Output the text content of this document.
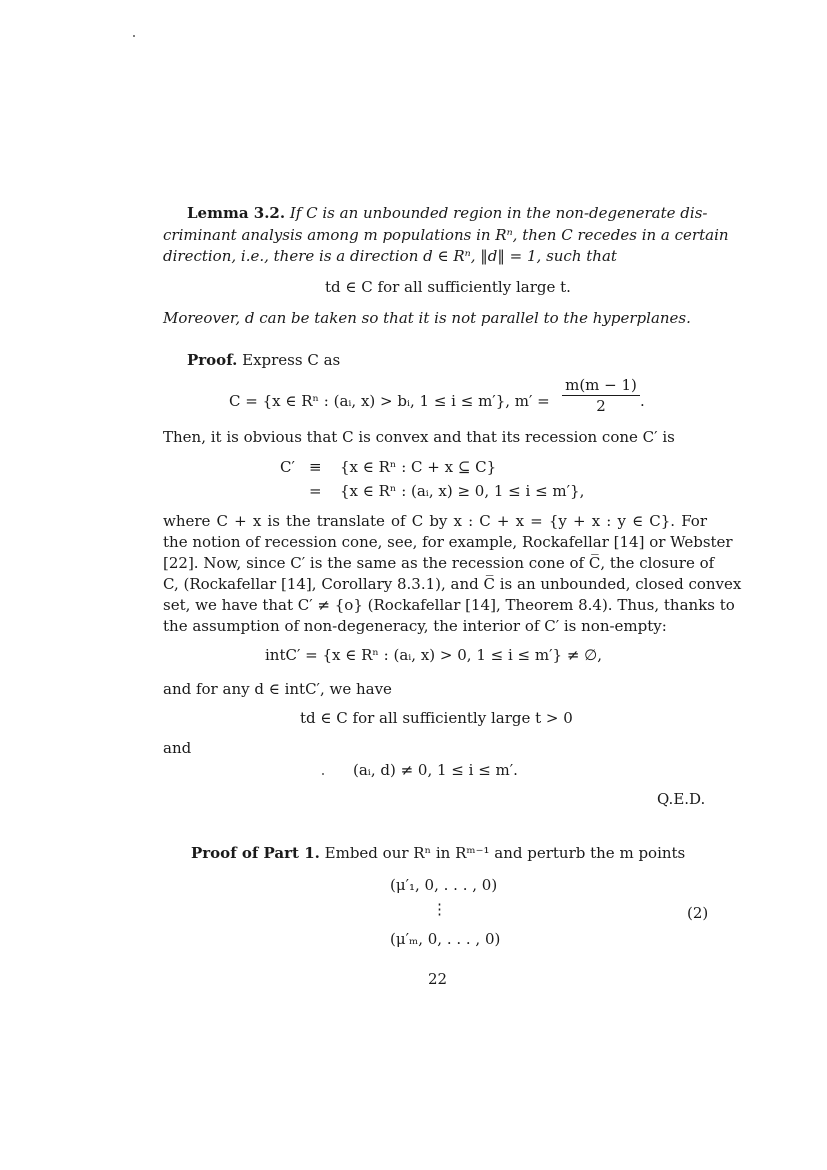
Lemma 3.2. If C is an unbounded region in the non-degenerate dis-
criminant analysis among m populations in Rⁿ, then C recedes in a certain
direction, i.e., there is a direction d ∈ Rⁿ, ‖d‖ = 1, such that
td ∈ C for all sufficiently large t.
Moreover, d can be taken so that it is not parallel to the hyperplanes.
Proof. Express C as
C = {x ∈ Rⁿ : (aᵢ, x) > bᵢ, 1 ≤ i ≤ m′}, $m' = \frac{m(m - 1)}{2}$ .
Then, it is obvious that C is convex and that its recession cone C′ is
C′ ≡ {x ∈ Rⁿ : C + x ⊆ C}
= {x ∈ Rⁿ : (aᵢ, x) ≥ 0, 1 ≤ i ≤ m′},
where C + x is the translate of C by x : C + x = {y + x : y ∈ C}. For
the notion of recession cone, see, for example, Rockafellar [14] or Webster
[22]. Now, since C′ is the same as the recession cone of C̅, the closure of
C, (Rockafellar [14], Corollary 8.3.1), and C̅ is an unbounded, closed convex
set, we have that C′ ≠ {o} (Rockafellar [14], Theorem 8.4). Thus, thanks to
the assumption of non-degeneracy, the interior of C′ is non-empty:
intC′ = {x ∈ Rⁿ : (aᵢ, x) > 0, 1 ≤ i ≤ m′} ≠ ∅,
and for any d ∈ intC′, we have
td ∈ C for all sufficiently large t > 0
and
(aᵢ, d) ≠ 0, 1 ≤ i ≤ m′.
Q.E.D.
Proof of Part 1. Embed our Rⁿ in Rᵐ⁻¹ and perturb the m points
(μ′₁, 0, . . . , 0)
⋮	(2)
(μ′ₘ, 0, . . . , 0)
22
